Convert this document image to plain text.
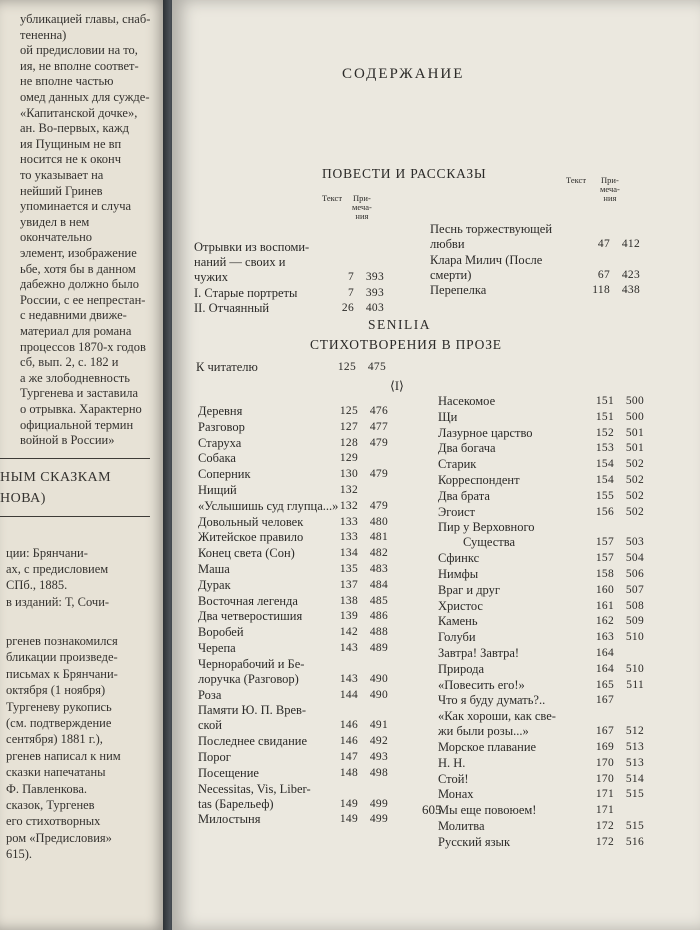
убликацией главы, снаб-
тененна)
ой предисловии на то,
ия, не вполне соответ-
не вполне частью
омед данных для сужде-
«Капитанской дочке»,
ан. Во-первых, кажд
ия Пущиным не вп
носится не к оконч
то указывает на
нейший Гринев
упоминается и случа
увидел в нем
окончательно
элемент, изображение
ьбе, хотя бы в данном
дабежно должно было
России, с ее непрестан-
с недавними движе-
материал для романа
процессов 1870-х годов
сб, вып. 2, с. 182 и
а же злободневность
Тургенева и заставила
о отрывка. Характерно
официальной термин
войной в России»
НЫМ СКАЗКАМ
НОВА)
ции: Брянчани-
ах, с предисловием
СПб., 1885.
в изданий: Т, Сочи-
ргенев познакомился
бликации произведе-
письмах к Брянчани-
октября (1 ноября)
Тургеневу рукопись
(см. подтверждение
сентября) 1881 г.),
ргенев написал к ним
сказки напечатаны
Ф. Павленкова.
сказок, Тургенев
его стихотворных
ром «Предисловия»
615).
СОДЕРЖАНИЕ
ПОВЕСТИ И РАССКАЗЫ
Текст При-
меча-
ния
Текст При-
меча-
ния
Отрывки из воспоми-
наний — своих и
чужих	7 393
I. Старые портреты	7 393
II. Отчаянный	26 403
Песнь торжествующей
любви	47 412
Клара Милич (После
смерти)	67 423
Перепелка	118 438
SENILIA
СТИХОТВОРЕНИЯ В ПРОЗЕ
К читателю	125 475
⟨I⟩
Деревня	125 476
Разговор	127 477
Старуха	128 479
Собака	129
Соперник	130 479
Нищий	132
«Услышишь суд глупца...» 132 479
Довольный человек	133 480
Житейское правило	133 481
Конец света (Сон)	134 482
Маша	135 483
Дурак	137 484
Восточная легенда	138 485
Два четверостишия	139 486
Воробей	142 488
Черепа	143 489
Чернорабочий и Бе-
лоручка (Разговор)	143 490
Роза	144 490
Памяти Ю. П. Врев-
ской	146 491
Последнее свидание	146 492
Порог	147 493
Посещение	148 498
Necessitas, Vis, Liber-
tas (Барельеф)	149 499
Милостыня	149 499
Насекомое	151 500
Щи	151 500
Лазурное царство	152 501
Два богача	153 501
Старик	154 502
Корреспондент	154 502
Два брата	155 502
Эгоист	156 502
Пир у Верховного
Существа	157 503
Сфинкс	157 504
Нимфы	158 506
Враг и друг	160 507
Христос	161 508
Камень	162 509
Голуби	163 510
Завтра! Завтра!	164
Природа	164 510
«Повесить его!»	165 511
Что я буду думать?..	167
«Как хороши, как све-
жи были розы...»	167 512
Морское плавание	169 513
Н. Н.	170 513
Стой!	170 514
Монах	171 515
Мы еще повоюем!	171
Молитва	172 515
Русский язык	172 516
605
